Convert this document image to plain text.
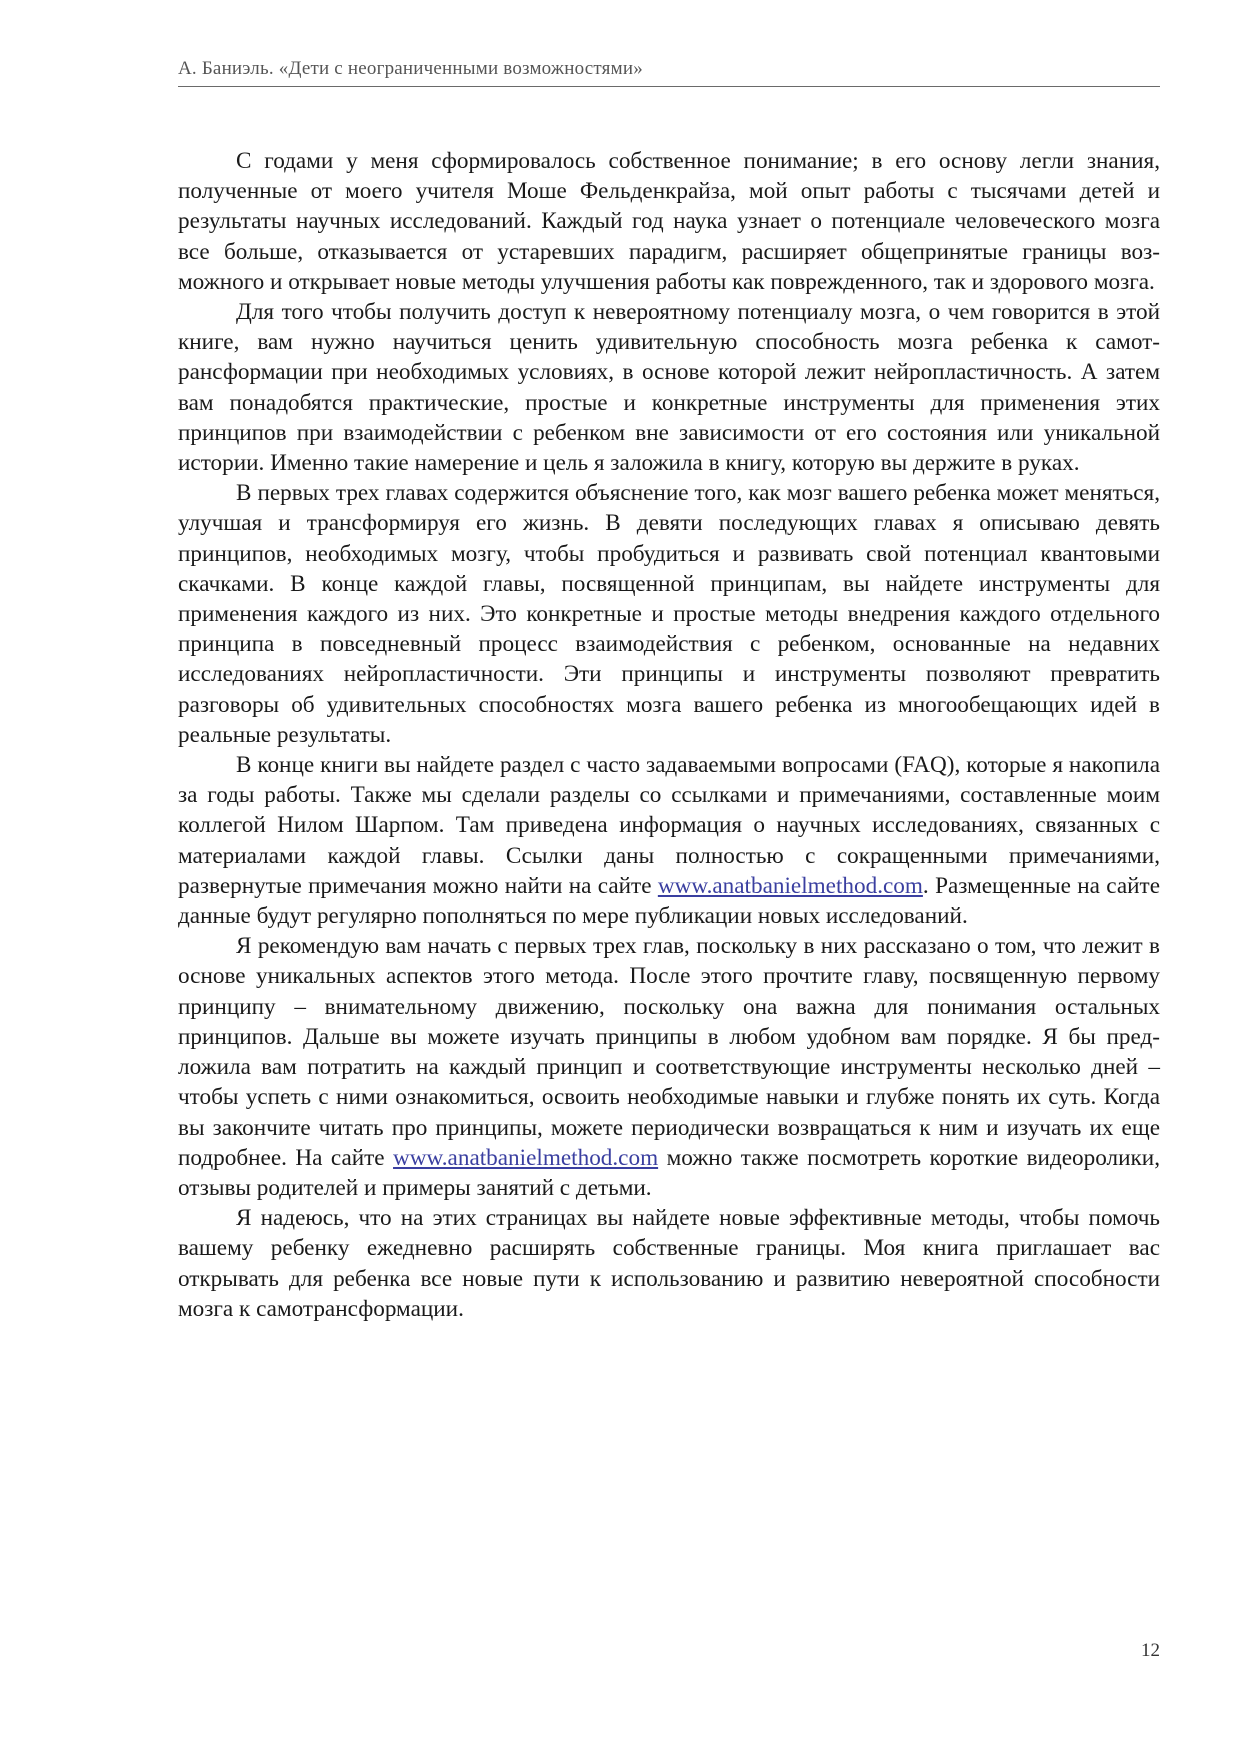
А. Баниэль. «Дети с неограниченными возможностями»

С годами у меня сформировалось собственное понимание; в его основу легли знания, полученные от моего учителя Моше Фельденкрайза, мой опыт работы с тысячами детей и результаты научных исследований. Каждый год наука узнает о потенциале человеческого мозга все больше, отказывается от устаревших парадигм, расширяет общепринятые границы возможного и открывает новые методы улучшения работы как поврежденного, так и здорового мозга.

Для того чтобы получить доступ к невероятному потенциалу мозга, о чем говорится в этой книге, вам нужно научиться ценить удивительную способность мозга ребенка к самотрансформации при необходимых условиях, в основе которой лежит нейропластичность. А затем вам понадобятся практические, простые и конкретные инструменты для применения этих принципов при взаимодействии с ребенком вне зависимости от его состояния или уникальной истории. Именно такие намерение и цель я заложила в книгу, которую вы держите в руках.

В первых трех главах содержится объяснение того, как мозг вашего ребенка может меняться, улучшая и трансформируя его жизнь. В девяти последующих главах я описываю девять принципов, необходимых мозгу, чтобы пробудиться и развивать свой потенциал квантовыми скачками. В конце каждой главы, посвященной принципам, вы найдете инструменты для применения каждого из них. Это конкретные и простые методы внедрения каждого отдельного принципа в повседневный процесс взаимодействия с ребенком, основанные на недавних исследованиях нейропластичности. Эти принципы и инструменты позволяют превратить разговоры об удивительных способностях мозга вашего ребенка из многообещающих идей в реальные результаты.

В конце книги вы найдете раздел с часто задаваемыми вопросами (FAQ), которые я накопила за годы работы. Также мы сделали разделы со ссылками и примечаниями, составленные моим коллегой Нилом Шарпом. Там приведена информация о научных исследованиях, связанных с материалами каждой главы. Ссылки даны полностью с сокращенными примечаниями, развернутые примечания можно найти на сайте www.anatbanielmethod.com. Размещенные на сайте данные будут регулярно пополняться по мере публикации новых исследований.

Я рекомендую вам начать с первых трех глав, поскольку в них рассказано о том, что лежит в основе уникальных аспектов этого метода. После этого прочтите главу, посвященную первому принципу – внимательному движению, поскольку она важна для понимания остальных принципов. Дальше вы можете изучать принципы в любом удобном вам порядке. Я бы предложила вам потратить на каждый принцип и соответствующие инструменты несколько дней – чтобы успеть с ними ознакомиться, освоить необходимые навыки и глубже понять их суть. Когда вы закончите читать про принципы, можете периодически возвращаться к ним и изучать их еще подробнее. На сайте www.anatbanielmethod.com можно также посмотреть короткие видеоролики, отзывы родителей и примеры занятий с детьми.

Я надеюсь, что на этих страницах вы найдете новые эффективные методы, чтобы помочь вашему ребенку ежедневно расширять собственные границы. Моя книга приглашает вас открывать для ребенка все новые пути к использованию и развитию невероятной способности мозга к самотрансформации.

12
